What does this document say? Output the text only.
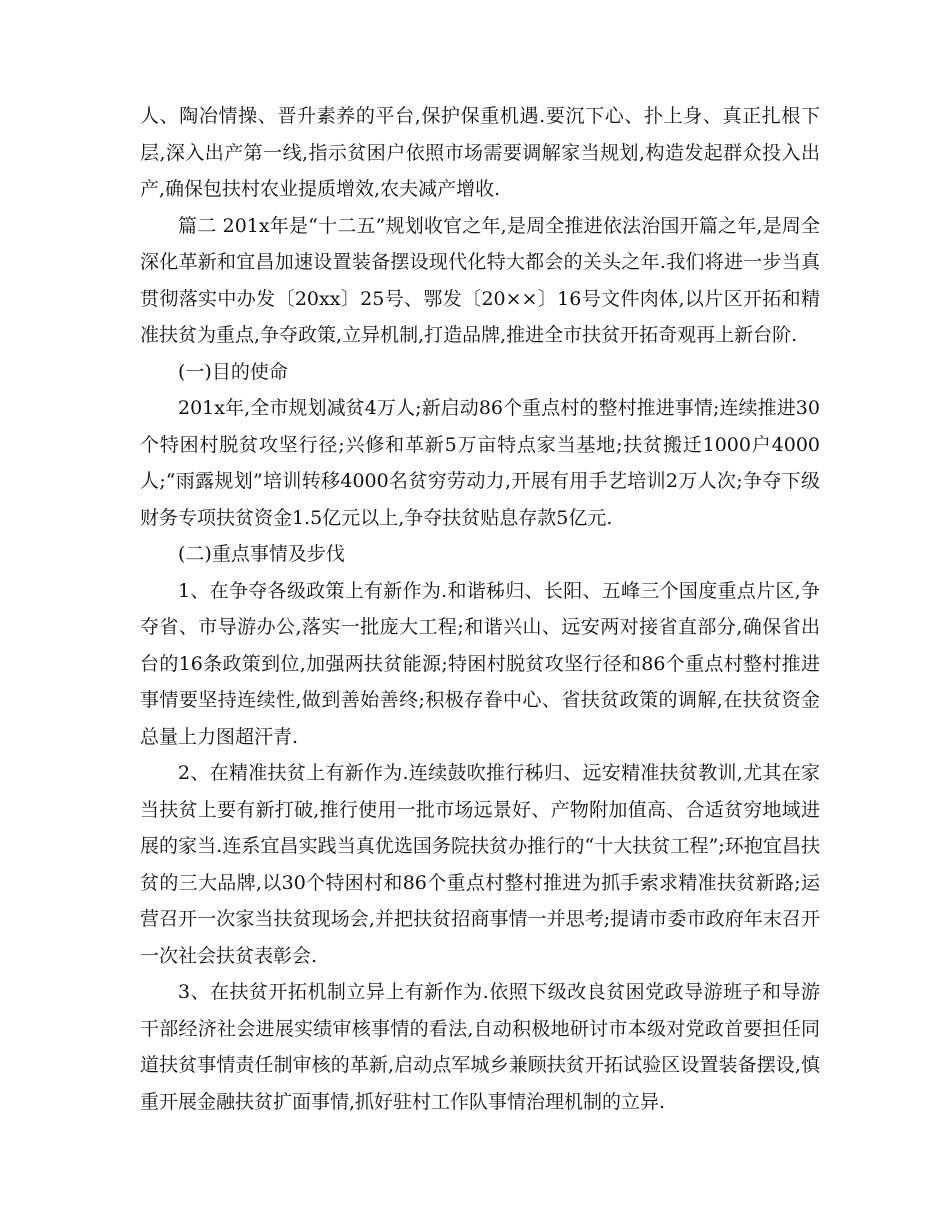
人、陶冶情操、晋升素养的平台,保护保重机遇.要沉下心、扑上身、真正扎根下层,深入出产第一线,指示贫困户依照市场需要调解家当规划,构造发起群众投入出产,确保包扶村农业提质增效,农夫减产增收.

篇二 201x年是“十二五”规划收官之年,是周全推进依法治国开篇之年,是周全深化革新和宜昌加速设置装备摆设现代化特大都会的关头之年.我们将进一步当真贯彻落实中办发〔20xx〕25号、鄂发〔20××〕16号文件肉体,以片区开拓和精准扶贫为重点,争夺政策,立异机制,打造品牌,推进全市扶贫开拓奇观再上新台阶.

(一)目的使命

201x年,全市规划减贫4万人;新启动86个重点村的整村推进事情;连续推进30个特困村脱贫攻坚行径;兴修和革新5万亩特点家当基地;扶贫搬迁1000户4000人;“雨露规划”培训转移4000名贫穷劳动力,开展有用手艺培训2万人次;争夺下级财务专项扶贫资金1.5亿元以上,争夺扶贫贴息存款5亿元.

(二)重点事情及步伐

1、在争夺各级政策上有新作为.和谐秭归、长阳、五峰三个国度重点片区,争夺省、市导游办公,落实一批庞大工程;和谐兴山、远安两对接省直部分,确保省出台的16条政策到位,加强两扶贫能源;特困村脱贫攻坚行径和86个重点村整村推进事情要坚持连续性,做到善始善终;积极存眷中心、省扶贫政策的调解,在扶贫资金总量上力图超汗青.

2、在精准扶贫上有新作为.连续鼓吹推行秭归、远安精准扶贫教训,尤其在家当扶贫上要有新打破,推行使用一批市场远景好、产物附加值高、合适贫穷地域进展的家当.连系宜昌实践当真优选国务院扶贫办推行的“十大扶贫工程”;环抱宜昌扶贫的三大品牌,以30个特困村和86个重点村整村推进为抓手索求精准扶贫新路;运营召开一次家当扶贫现场会,并把扶贫招商事情一并思考;提请市委市政府年末召开一次社会扶贫表彰会.

3、在扶贫开拓机制立异上有新作为.依照下级改良贫困党政导游班子和导游干部经济社会进展实绩审核事情的看法,自动积极地研讨市本级对党政首要担任同道扶贫事情责任制审核的革新,启动点军城乡兼顾扶贫开拓试验区设置装备摆设,慎重开展金融扶贫扩面事情,抓好驻村工作队事情治理机制的立异.
